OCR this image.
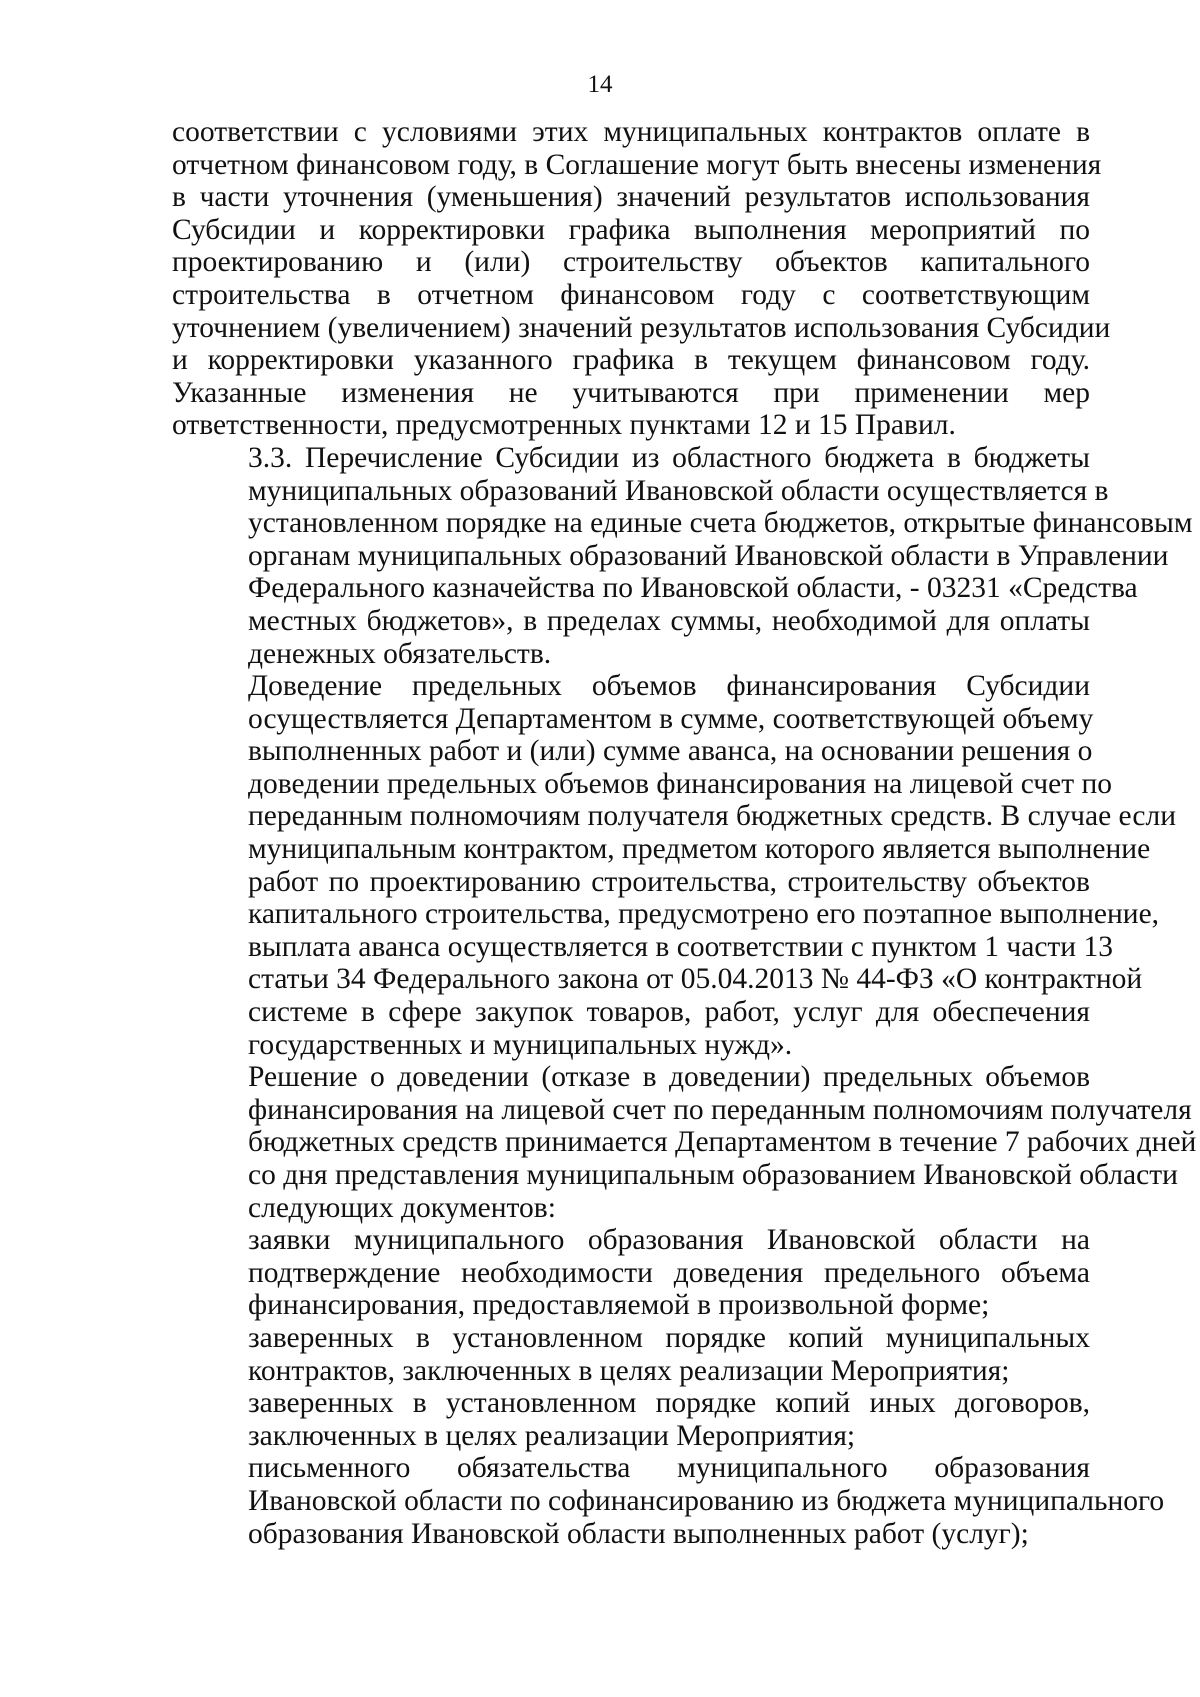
14

соответствии с условиями этих муниципальных контрактов оплате в
отчетном финансовом году, в Соглашение могут быть внесены изменения
в части уточнения (уменьшения) значений результатов использования
Субсидии и корректировки графика выполнения мероприятий по
проектированию и (или) строительству объектов капитального
строительства в отчетном финансовом году с соответствующим
уточнением (увеличением) значений результатов использования Субсидии
и корректировки указанного графика в текущем финансовом году.
Указанные изменения не учитываются при применении мер
ответственности, предусмотренных пунктами 12 и 15 Правил.

3.3. Перечисление Субсидии из областного бюджета в бюджеты
муниципальных образований Ивановской области осуществляется в
установленном порядке на единые счета бюджетов, открытые финансовым
органам муниципальных образований Ивановской области в Управлении
Федерального казначейства по Ивановской области, - 03231 «Средства
местных бюджетов», в пределах суммы, необходимой для оплаты
денежных обязательств.

Доведение предельных объемов финансирования Субсидии
осуществляется Департаментом в сумме, соответствующей объему
выполненных работ и (или) сумме аванса, на основании решения о
доведении предельных объемов финансирования на лицевой счет по
переданным полномочиям получателя бюджетных средств. В случае если
муниципальным контрактом, предметом которого является выполнение
работ по проектированию строительства, строительству объектов
капитального строительства, предусмотрено его поэтапное выполнение,
выплата аванса осуществляется в соответствии с пунктом 1 части 13
статьи 34 Федерального закона от 05.04.2013 № 44-ФЗ «О контрактной
системе в сфере закупок товаров, работ, услуг для обеспечения
государственных и муниципальных нужд».

Решение о доведении (отказе в доведении) предельных объемов
финансирования на лицевой счет по переданным полномочиям получателя
бюджетных средств принимается Департаментом в течение 7 рабочих дней
со дня представления муниципальным образованием Ивановской области
следующих документов:

заявки муниципального образования Ивановской области на
подтверждение необходимости доведения предельного объема
финансирования, предоставляемой в произвольной форме;

заверенных в установленном порядке копий муниципальных
контрактов, заключенных в целях реализации Мероприятия;

заверенных в установленном порядке копий иных договоров,
заключенных в целях реализации Мероприятия;

письменного обязательства муниципального образования
Ивановской области по софинансированию из бюджета муниципального
образования Ивановской области выполненных работ (услуг);
